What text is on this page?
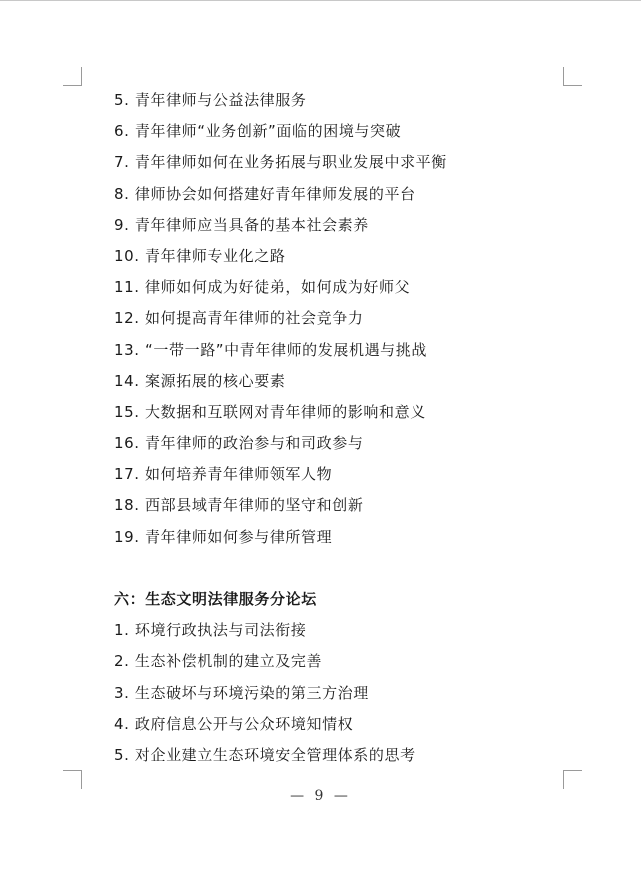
5. 青年律师与公益法律服务
6. 青年律师“业务创新”面临的困境与突破
7. 青年律师如何在业务拓展与职业发展中求平衡
8. 律师协会如何搭建好青年律师发展的平台
9. 青年律师应当具备的基本社会素养
10. 青年律师专业化之路
11. 律师如何成为好徒弟，如何成为好师父
12. 如何提高青年律师的社会竞争力
13. “一带一路”中青年律师的发展机遇与挑战
14. 案源拓展的核心要素
15. 大数据和互联网对青年律师的影响和意义
16. 青年律师的政治参与和司政参与
17. 如何培养青年律师领军人物
18. 西部县域青年律师的坚守和创新
19. 青年律师如何参与律所管理
六：生态文明法律服务分论坛
1. 环境行政执法与司法衔接
2. 生态补偿机制的建立及完善
3. 生态破坏与环境污染的第三方治理
4. 政府信息公开与公众环境知情权
5. 对企业建立生态环境安全管理体系的思考
— 9 —
